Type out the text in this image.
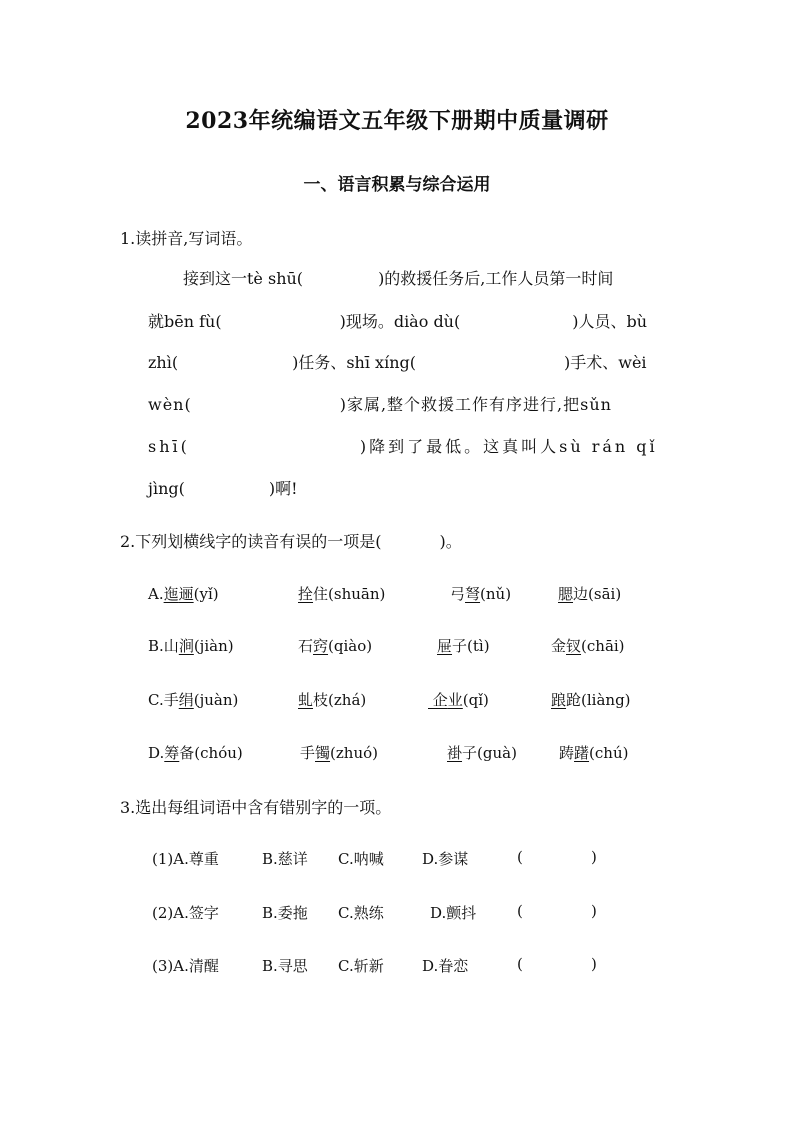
2023年统编语文五年级下册期中质量调研
一、语言积累与综合运用
1.读拼音,写词语。
接到这一tè shū(	)的救援任务后,工作人员第一时间
就bēn fù(	)现场。diào dù(	)人员、bù
zhì(	)任务、shī xíng(	)手术、wèi
wèn(	)家属,整个救援工作有序进行,把sǔn
shī(	)降到了最低。这真叫人sù rán qǐ
jìng(	)啊!
2.下列划横线字的读音有误的一项是(	)。
A.迤逦(yǐ)	拴住(shuān)	弓弩(nǔ)	腮边(sāi)
B.山涧(jiàn)	石窍(qiào)	屉子(tì)	金钗(chāi)
C.手绢(juàn)	虬枝(zhá)	企业(qǐ)	踉跄(liàng)
D.筹备(chóu)	手镯(zhuó)	褂子(guà)	踌躇(chú)
3.选出每组词语中含有错别字的一项。
(1)A.尊重	B.慈详 C.呐喊	D.参谋	(	)
(2)A.签字	B.委拖 C.熟练	D.颤抖	(	)
(3)A.清醒	B.寻思 C.斩新	D.眷恋	(	)
